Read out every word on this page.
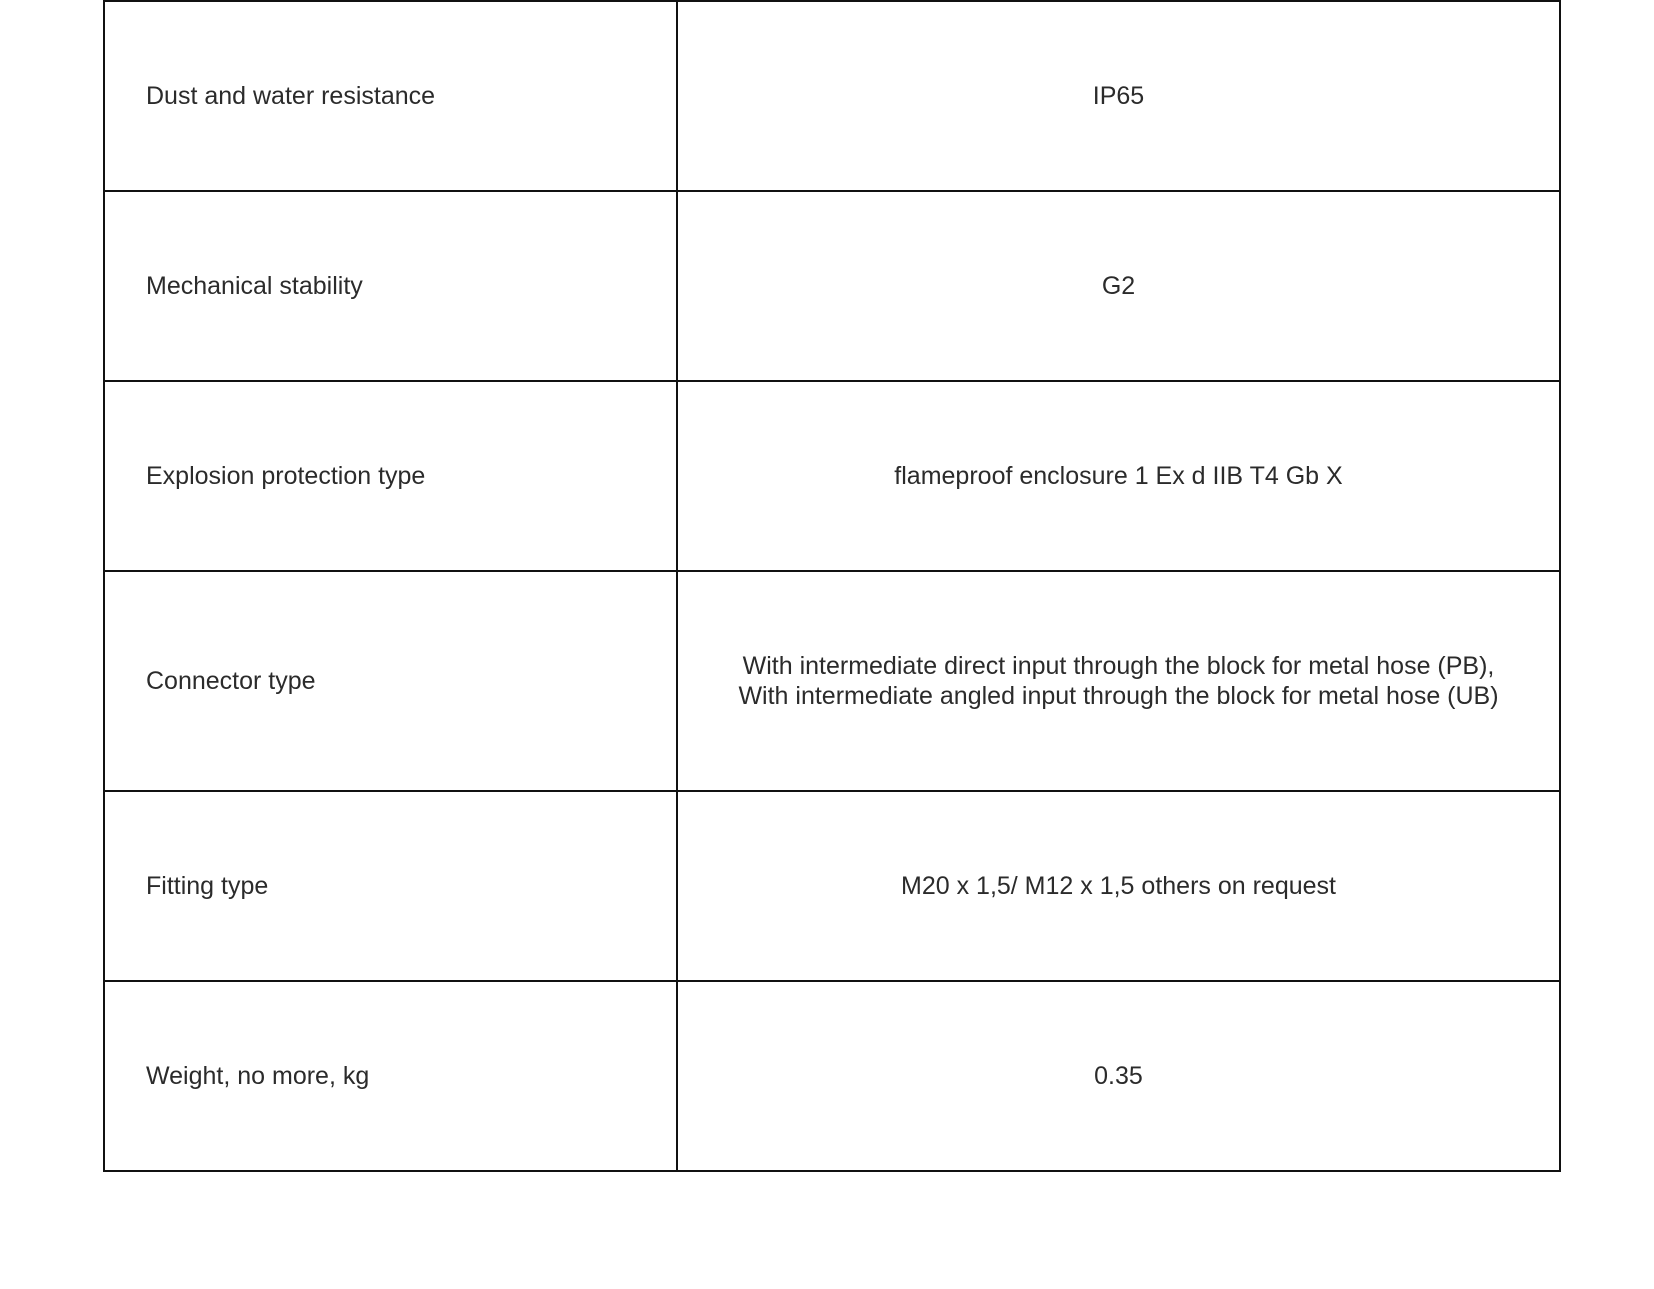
Dust and water resistance	IP65

Mechanical stability	G2

Explosion protection type	flameproof enclosure 1 Ex d IIB T4 Gb X

Connector type	With intermediate direct input through the block for metal hose (PB),
With intermediate angled input through the block for metal hose (UB)

Fitting type	M20 x 1,5/ M12 x 1,5 others on request

Weight, no more, kg	0.35
